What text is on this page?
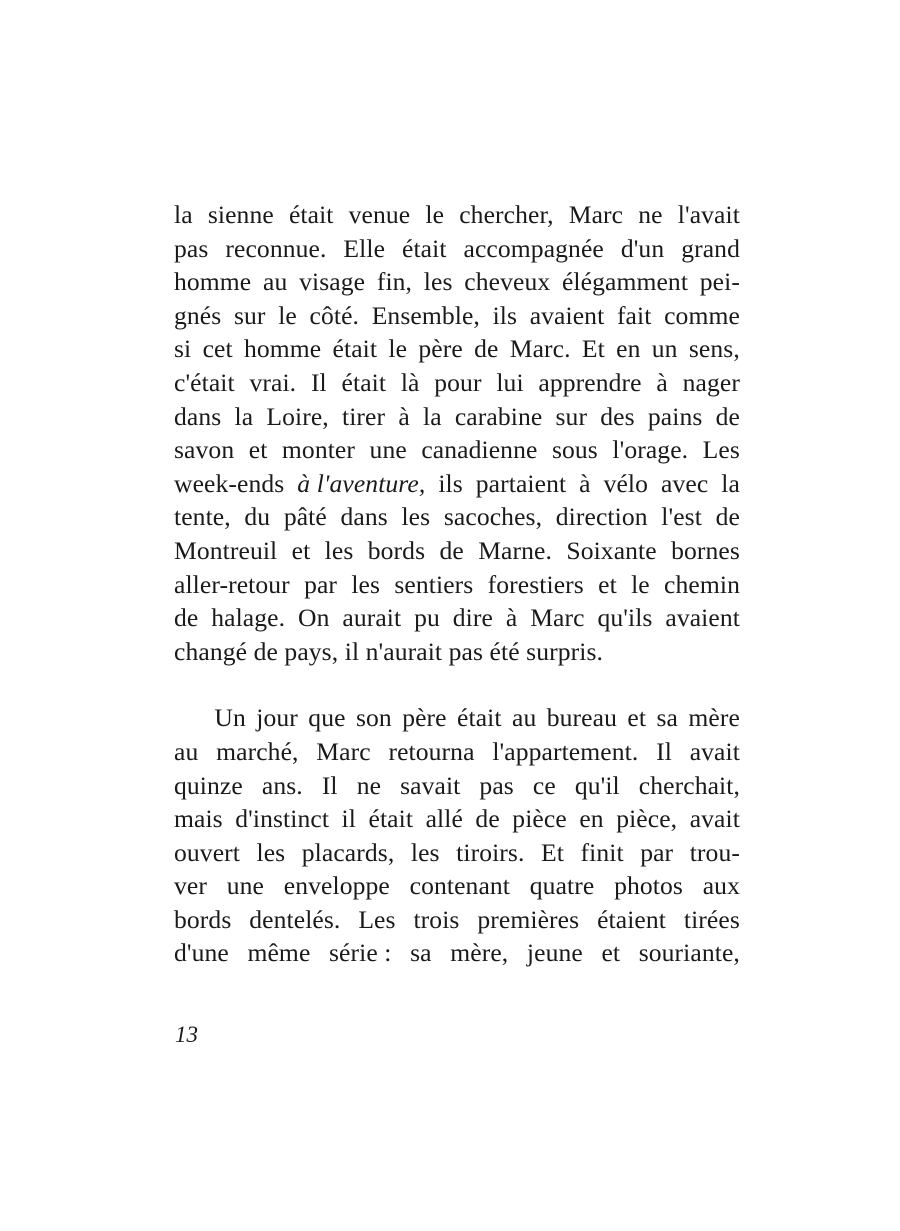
la sienne était venue le chercher, Marc ne l'avait
pas reconnue. Elle était accompagnée d'un grand
homme au visage fin, les cheveux élégamment pei-
gnés sur le côté. Ensemble, ils avaient fait comme
si cet homme était le père de Marc. Et en un sens,
c'était vrai. Il était là pour lui apprendre à nager
dans la Loire, tirer à la carabine sur des pains de
savon et monter une canadienne sous l'orage. Les
week-ends à l'aventure, ils partaient à vélo avec la
tente, du pâté dans les sacoches, direction l'est de
Montreuil et les bords de Marne. Soixante bornes
aller-retour par les sentiers forestiers et le chemin
de halage. On aurait pu dire à Marc qu'ils avaient
changé de pays, il n'aurait pas été surpris.
Un jour que son père était au bureau et sa mère
au marché, Marc retourna l'appartement. Il avait
quinze ans. Il ne savait pas ce qu'il cherchait,
mais d'instinct il était allé de pièce en pièce, avait
ouvert les placards, les tiroirs. Et finit par trou-
ver une enveloppe contenant quatre photos aux
bords dentelés. Les trois premières étaient tirées
d'une même série : sa mère, jeune et souriante,
13
